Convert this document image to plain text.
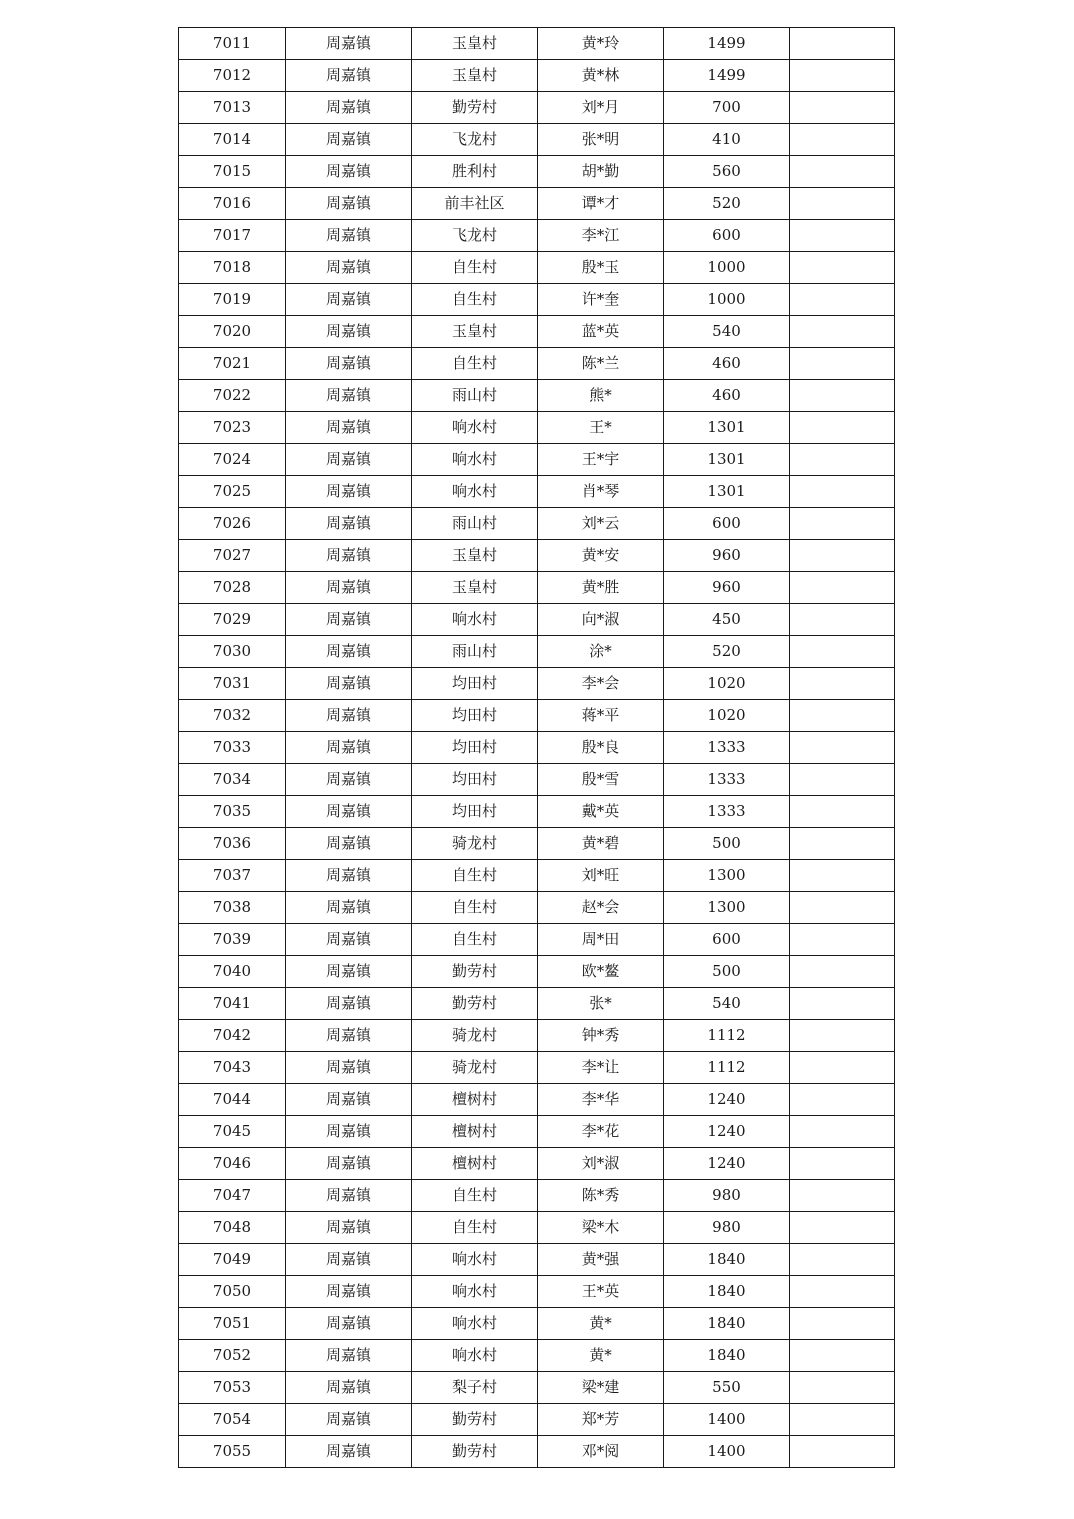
7011	周嘉镇	玉皇村	黄*玲	1499	
7012	周嘉镇	玉皇村	黄*林	1499	
7013	周嘉镇	勤劳村	刘*月	700	
7014	周嘉镇	飞龙村	张*明	410	
7015	周嘉镇	胜利村	胡*勤	560	
7016	周嘉镇	前丰社区	谭*才	520	
7017	周嘉镇	飞龙村	李*江	600	
7018	周嘉镇	自生村	殷*玉	1000	
7019	周嘉镇	自生村	许*奎	1000	
7020	周嘉镇	玉皇村	蓝*英	540	
7021	周嘉镇	自生村	陈*兰	460	
7022	周嘉镇	雨山村	熊*	460	
7023	周嘉镇	响水村	王*	1301	
7024	周嘉镇	响水村	王*宇	1301	
7025	周嘉镇	响水村	肖*琴	1301	
7026	周嘉镇	雨山村	刘*云	600	
7027	周嘉镇	玉皇村	黄*安	960	
7028	周嘉镇	玉皇村	黄*胜	960	
7029	周嘉镇	响水村	向*淑	450	
7030	周嘉镇	雨山村	涂*	520	
7031	周嘉镇	均田村	李*会	1020	
7032	周嘉镇	均田村	蒋*平	1020	
7033	周嘉镇	均田村	殷*良	1333	
7034	周嘉镇	均田村	殷*雪	1333	
7035	周嘉镇	均田村	戴*英	1333	
7036	周嘉镇	骑龙村	黄*碧	500	
7037	周嘉镇	自生村	刘*旺	1300	
7038	周嘉镇	自生村	赵*会	1300	
7039	周嘉镇	自生村	周*田	600	
7040	周嘉镇	勤劳村	欧*鳌	500	
7041	周嘉镇	勤劳村	张*	540	
7042	周嘉镇	骑龙村	钟*秀	1112	
7043	周嘉镇	骑龙村	李*让	1112	
7044	周嘉镇	檀树村	李*华	1240	
7045	周嘉镇	檀树村	李*花	1240	
7046	周嘉镇	檀树村	刘*淑	1240	
7047	周嘉镇	自生村	陈*秀	980	
7048	周嘉镇	自生村	梁*木	980	
7049	周嘉镇	响水村	黄*强	1840	
7050	周嘉镇	响水村	王*英	1840	
7051	周嘉镇	响水村	黄*	1840	
7052	周嘉镇	响水村	黄*	1840	
7053	周嘉镇	梨子村	梁*建	550	
7054	周嘉镇	勤劳村	郑*芳	1400	
7055	周嘉镇	勤劳村	邓*阅	1400	
